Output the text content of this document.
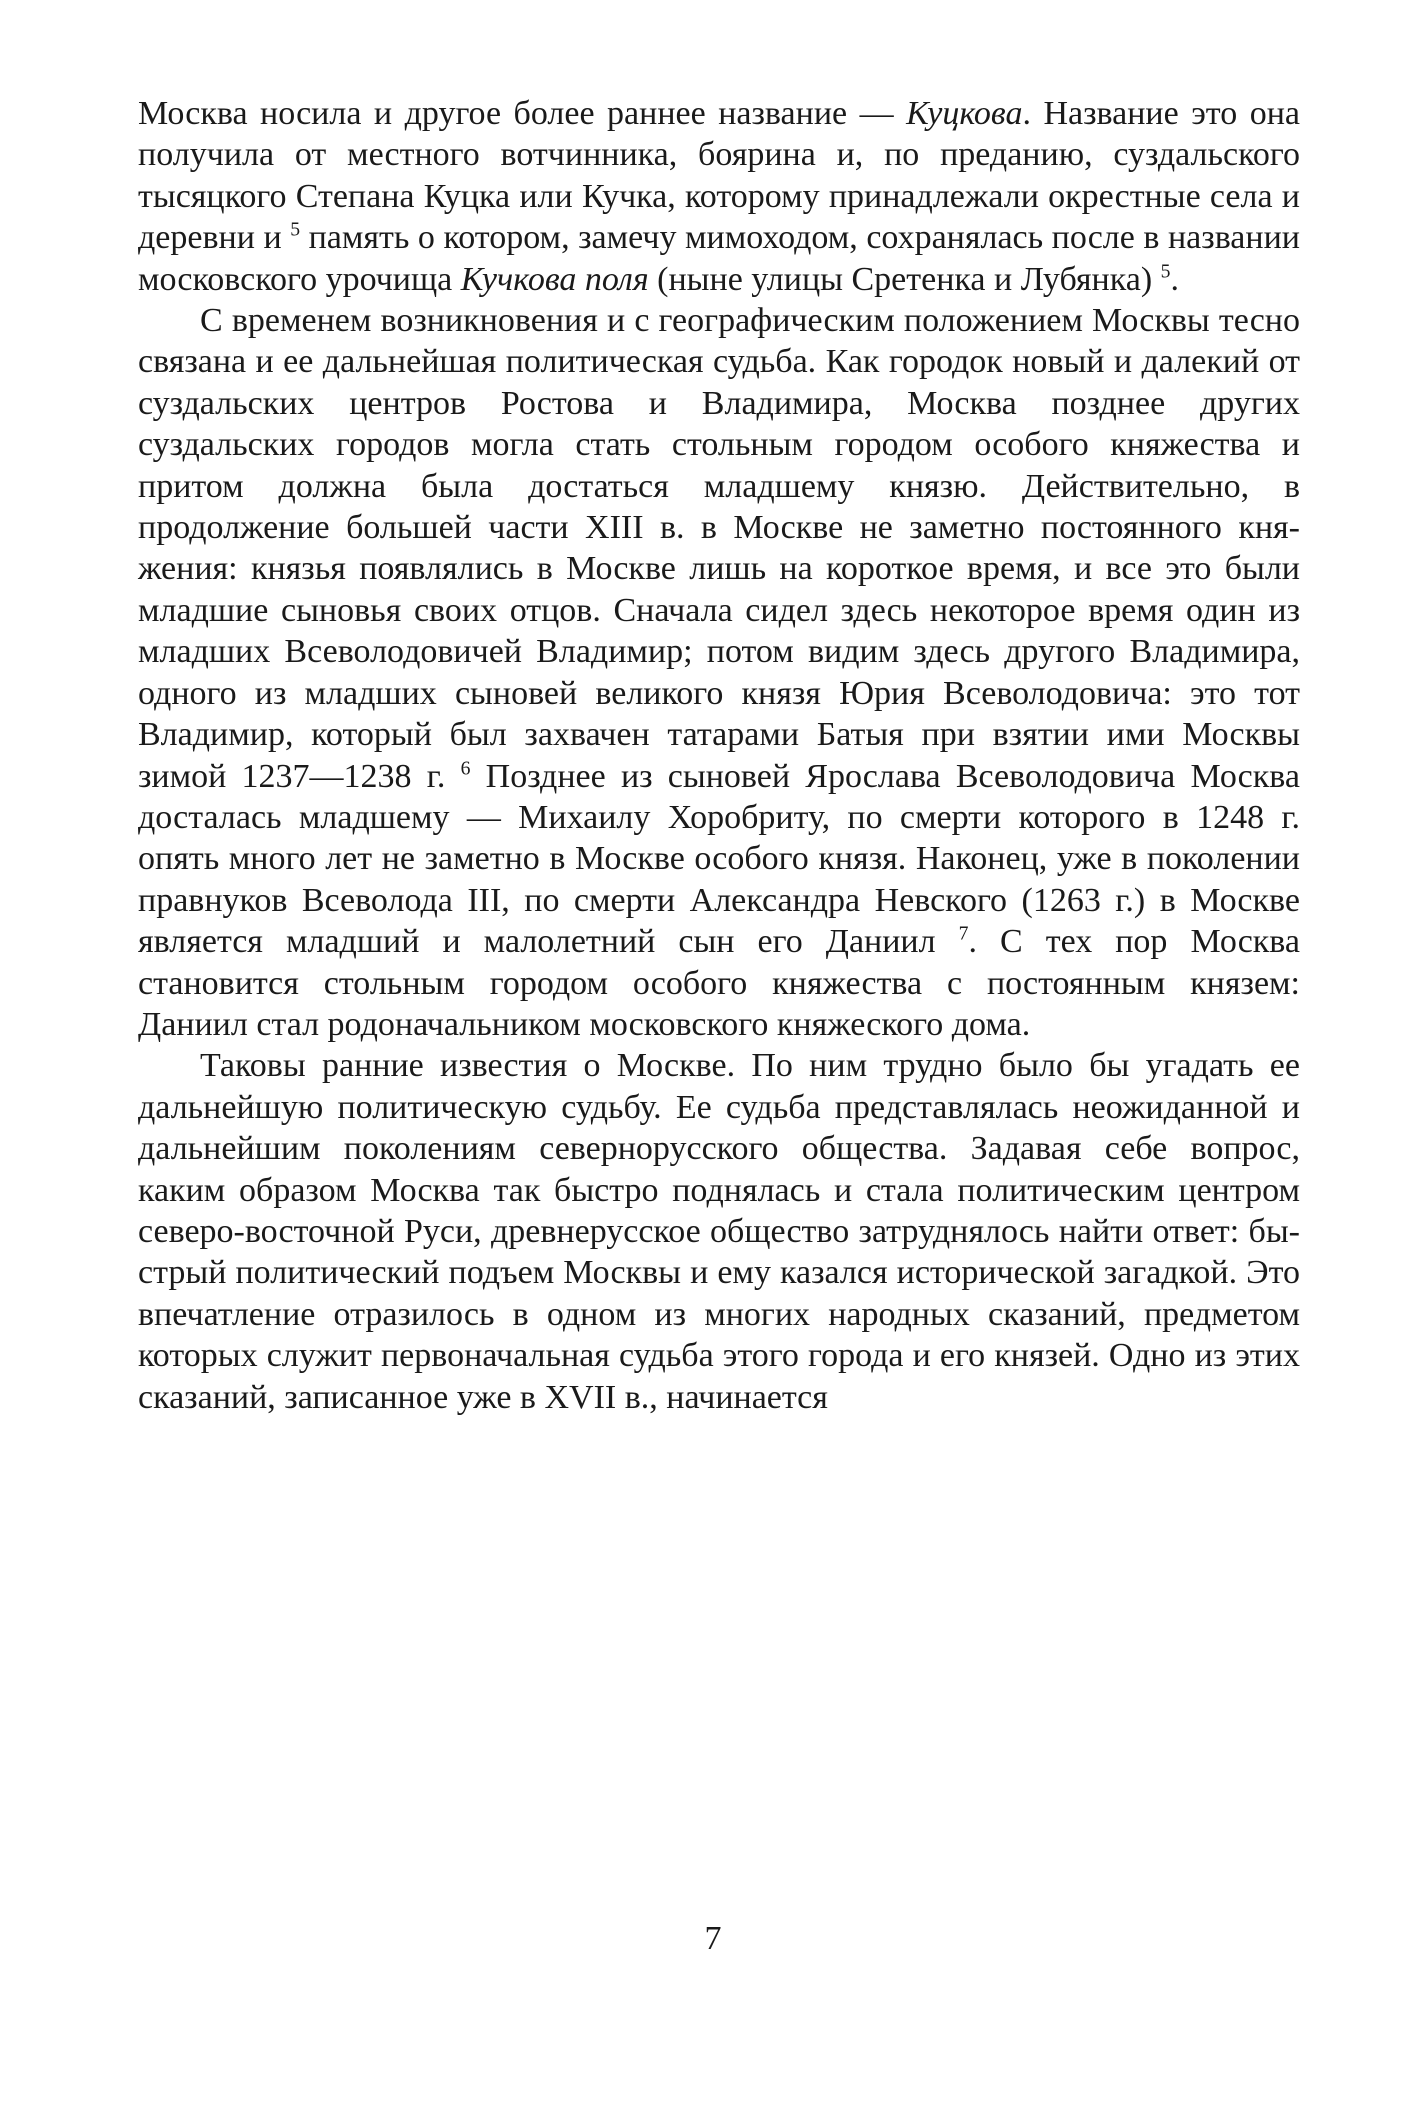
Москва носила и другое более раннее название — Куцкова. Название это она получила от местного вотчинника, боярина и, по преданию, суздальского тысяцкого Степана Куцка или Кучка, которому принадлежали окрестные села и деревни и $^5$ память о котором, замечу мимоходом, сохранялась после в названии московского урочища Кучкова поля (ныне улицы Сретенка и Лубянка) $^5$.

С временем возникновения и с географическим положением Москвы тесно связана и ее дальнейшая политическая судьба. Как городок новый и далекий от суздальских центров Ростова и Владимира, Москва позднее других суздальских городов могла стать стольным городом особого княжества и притом должна была достаться младшему князю. Действительно, в продолжение большей части XIII в. в Москве не заметно постоянного княжения: князья появлялись в Москве лишь на короткое время, и все это были младшие сыновья своих отцов. Сначала сидел здесь некоторое время один из младших Всеволодовичей Владимир; потом видим здесь другого Владимира, одного из младших сыновей великого князя Юрия Всеволодовича: это тот Владимир, который был захвачен татарами Батыя при взятии ими Москвы зимой 1237—1238 г. $^6$ Позднее из сыновей Ярослава Всеволодовича Москва досталась младшему — Михаилу Хоробриту, по смерти которого в 1248 г. опять много лет не заметно в Москве особого князя. Наконец, уже в поколении правнуков Всеволода III, по смерти Александра Невского (1263 г.) в Москве является младший и малолетний сын его Даниил $^7$. С тех пор Москва становится стольным городом особого княжества с постоянным князем: Даниил стал родоначальником московского княжеского дома.

Таковы ранние известия о Москве. По ним трудно было бы угадать ее дальнейшую политическую судьбу. Ее судьба представлялась неожиданной и дальнейшим поколениям севернорусского общества. Задавая себе вопрос, каким образом Москва так быстро поднялась и стала политическим центром северо-восточной Руси, древнерусское общество затруднялось найти ответ: быстрый политический подъем Москвы и ему казался исторической загадкой. Это впечатление отразилось в одном из многих народных сказаний, предметом которых служит первоначальная судьба этого города и его князей. Одно из этих сказаний, записанное уже в XVII в., начинается

7
